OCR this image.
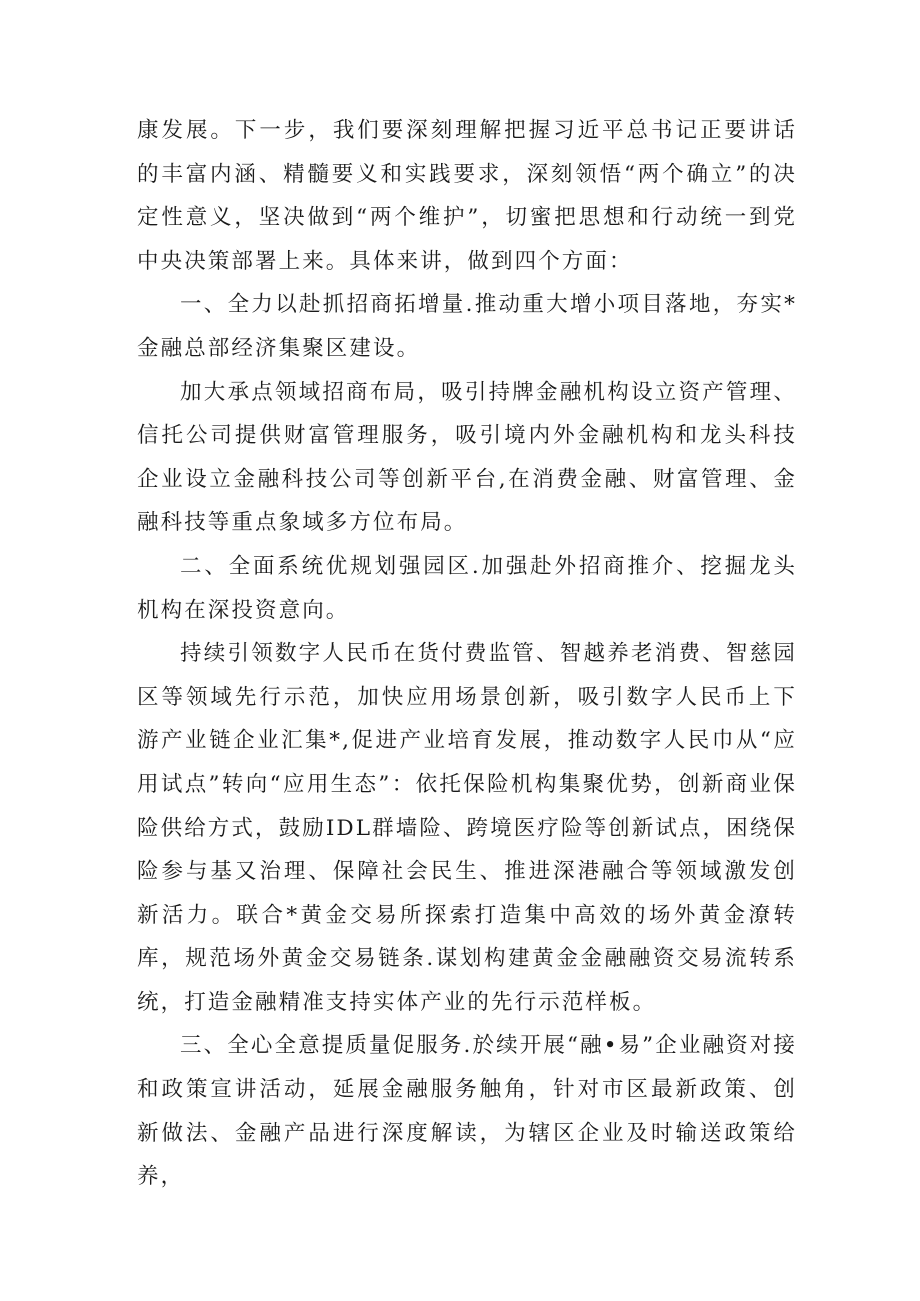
康发展。下一步，我们要深刻理解把握习近平总书记正要讲话的丰富内涵、精髓要义和实践要求，深刻领悟“两个确立”的决定性意义，坚决做到“两个维护”，切蜜把思想和行动统一到党中央决策部署上来。具体来讲，做到四个方面：

一、全力以赴抓招商拓增量.推动重大增小项目落地，夯实*金融总部经济集聚区建设。

加大承点领域招商布局，吸引持牌金融机构设立资产管理、信托公司提供财富管理服务，吸引境内外金融机构和龙头科技企业设立金融科技公司等创新平台,在消费金融、财富管理、金融科技等重点象域多方位布局。

二、全面系统优规划强园区.加强赴外招商推介、挖掘龙头机构在深投资意向。

持续引领数字人民币在货付费监管、智越养老消费、智慈园区等领域先行示范，加快应用场景创新，吸引数字人民币上下游产业链企业汇集*,促进产业培育发展，推动数字人民巾从“应用试点”转向“应用生态”：依托保险机构集聚优势，创新商业保险供给方式，鼓励IDL群墙险、跨境医疗险等创新试点，困绕保险参与基又治理、保障社会民生、推进深港融合等领域激发创新活力。联合*黄金交易所探索打造集中高效的场外黄金潦转库，规范场外黄金交易链条.谋划构建黄金金融融资交易流转系统，打造金融精准支持实体产业的先行示范样板。

三、全心全意提质量促服务.於续开展“融•易”企业融资对接和政策宣讲活动，延展金融服务触角，针对市区最新政策、创新做法、金融产品进行深度解读，为辖区企业及时输送政策给养，
